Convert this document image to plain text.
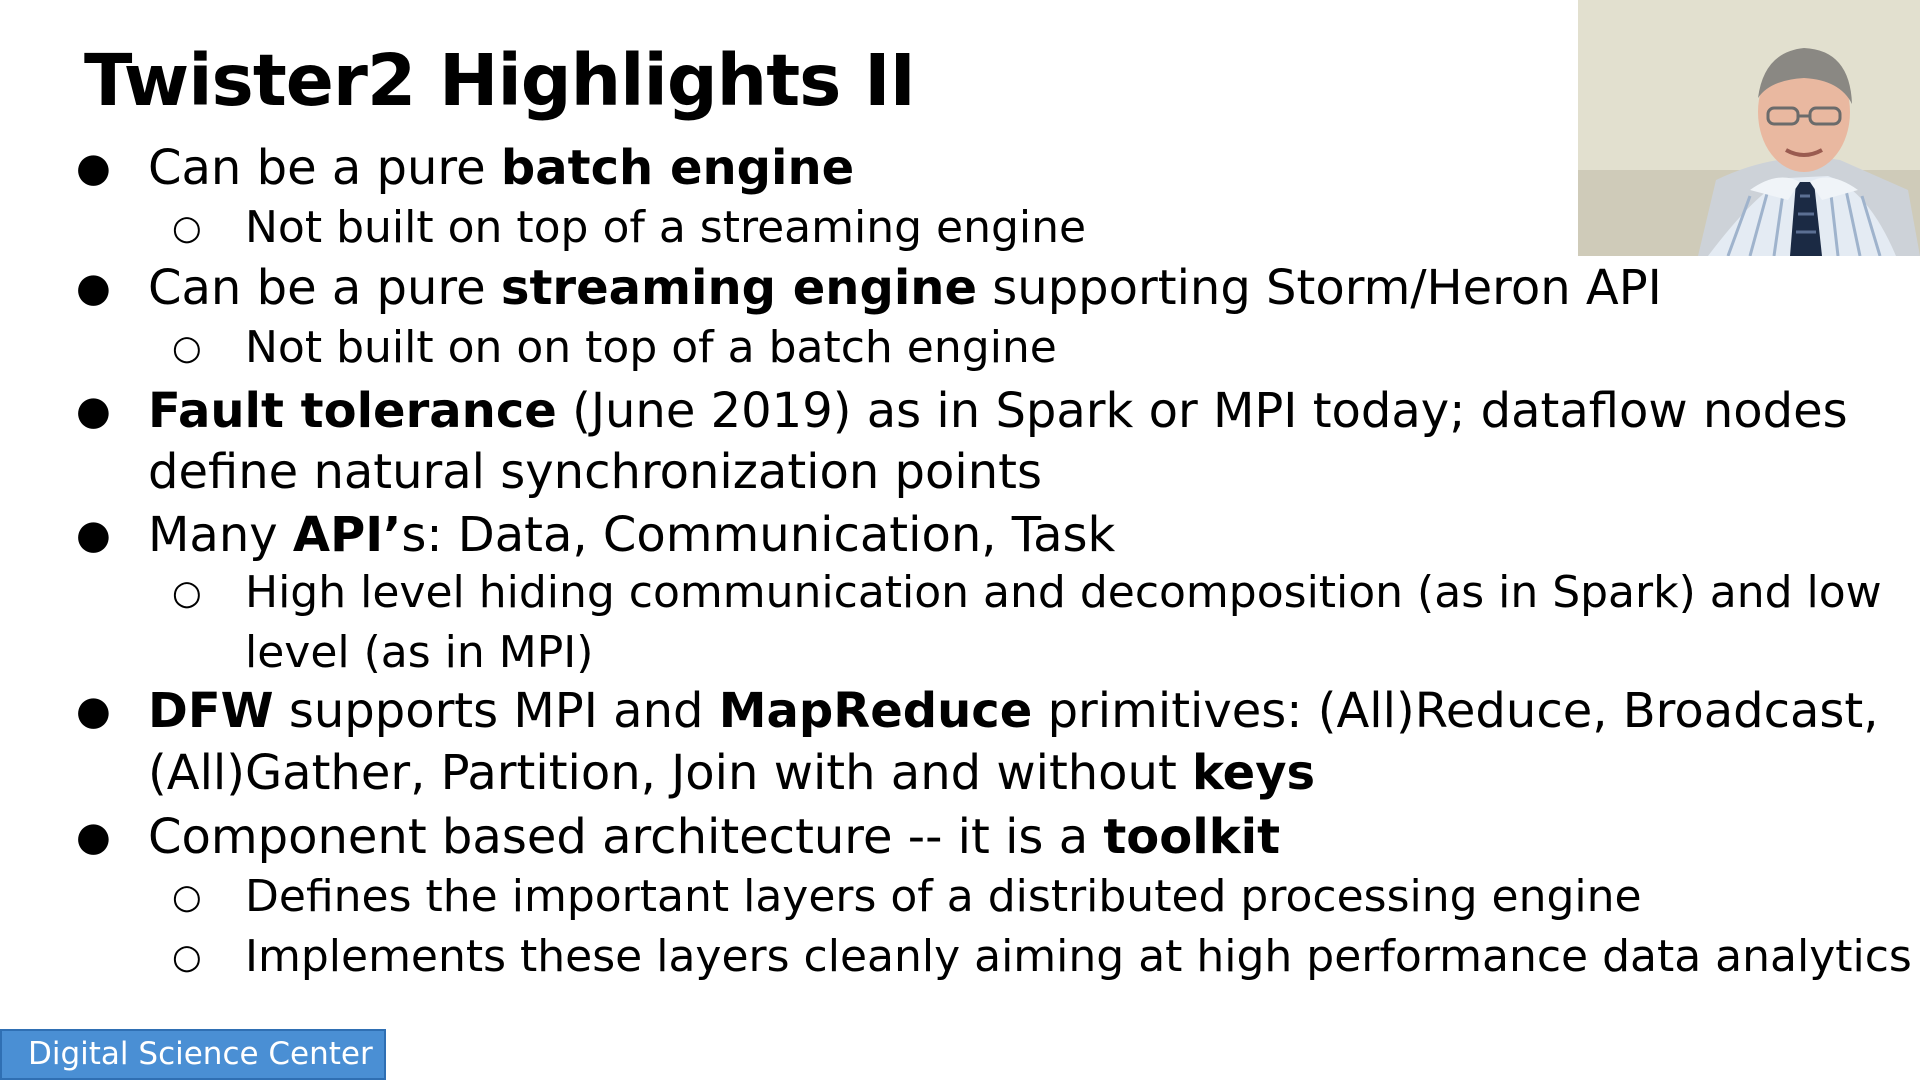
Twister2 Highlights II
● Can be a pure batch engine
○ Not built on top of a streaming engine
● Can be a pure streaming engine supporting Storm/Heron API
○ Not built on on top of a batch engine
● Fault tolerance (June 2019) as in Spark or MPI today; dataflow nodes
define natural synchronization points
● Many API’s: Data, Communication, Task
○ High level hiding communication and decomposition (as in Spark) and low
level (as in MPI)
● DFW supports MPI and MapReduce primitives: (All)Reduce, Broadcast,
(All)Gather, Partition, Join with and without keys
● Component based architecture -- it is a toolkit
○ Defines the important layers of a distributed processing engine
○ Implements these layers cleanly aiming at high performance data analytics
Digital Science Center
